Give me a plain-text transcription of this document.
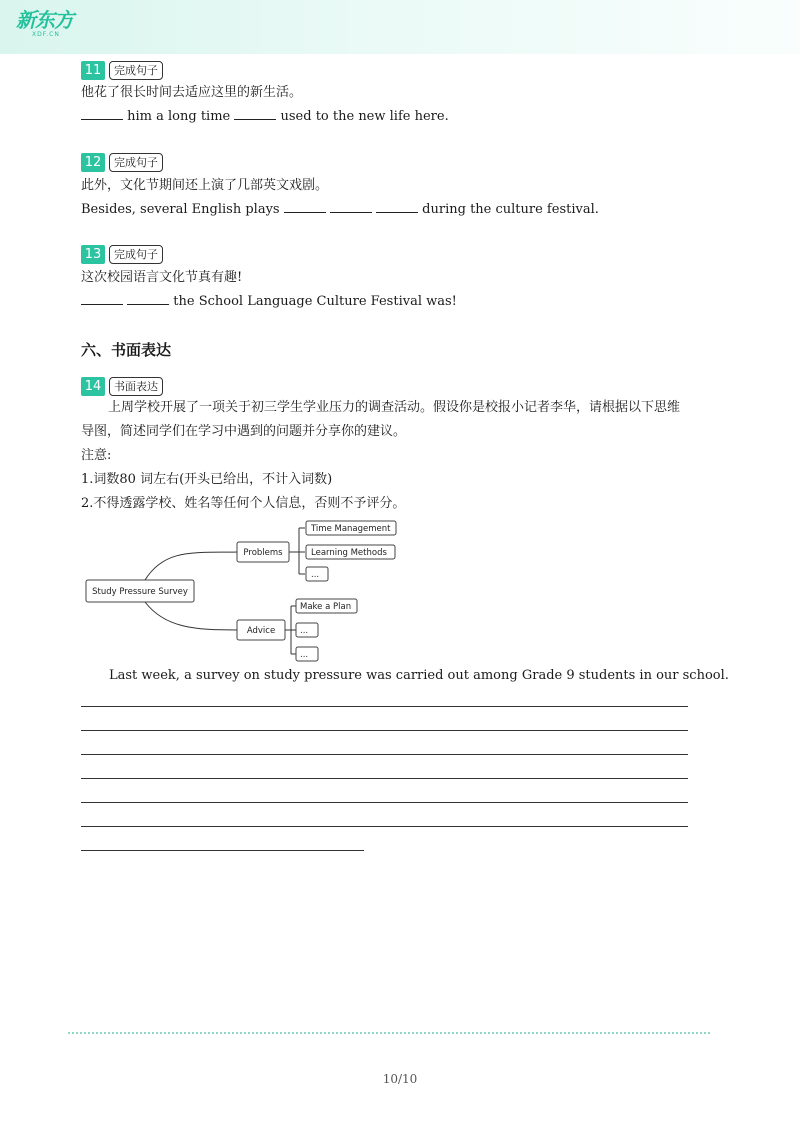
新东方
XDF.CN
11	完成句子
他花了很长时间去适应这里的新生活。
him a long time	used to the new life here.
12	完成句子
此外，文化节期间还上演了几部英文戏剧。
Besides, several English plays	during the culture festival.
13	完成句子
这次校园语言文化节真有趣!
the School Language Culture Festival was!
六、书面表达
14	书面表达
上周学校开展了一项关于初三学生学业压力的调查活动。假设你是校报小记者李华，请根据以下思维导图，简述同学们在学习中遇到的问题并分享你的建议。
注意:
1.词数80 词左右(开头已给出，不计入词数)
2.不得透露学校、姓名等任何个人信息，否则不予评分。
Study Pressure Survey
Problems
Advice
Time Management
Learning Methods
...
Make a Plan
...
...
Last week, a survey on study pressure was carried out among Grade 9 students in our school.
10/10
